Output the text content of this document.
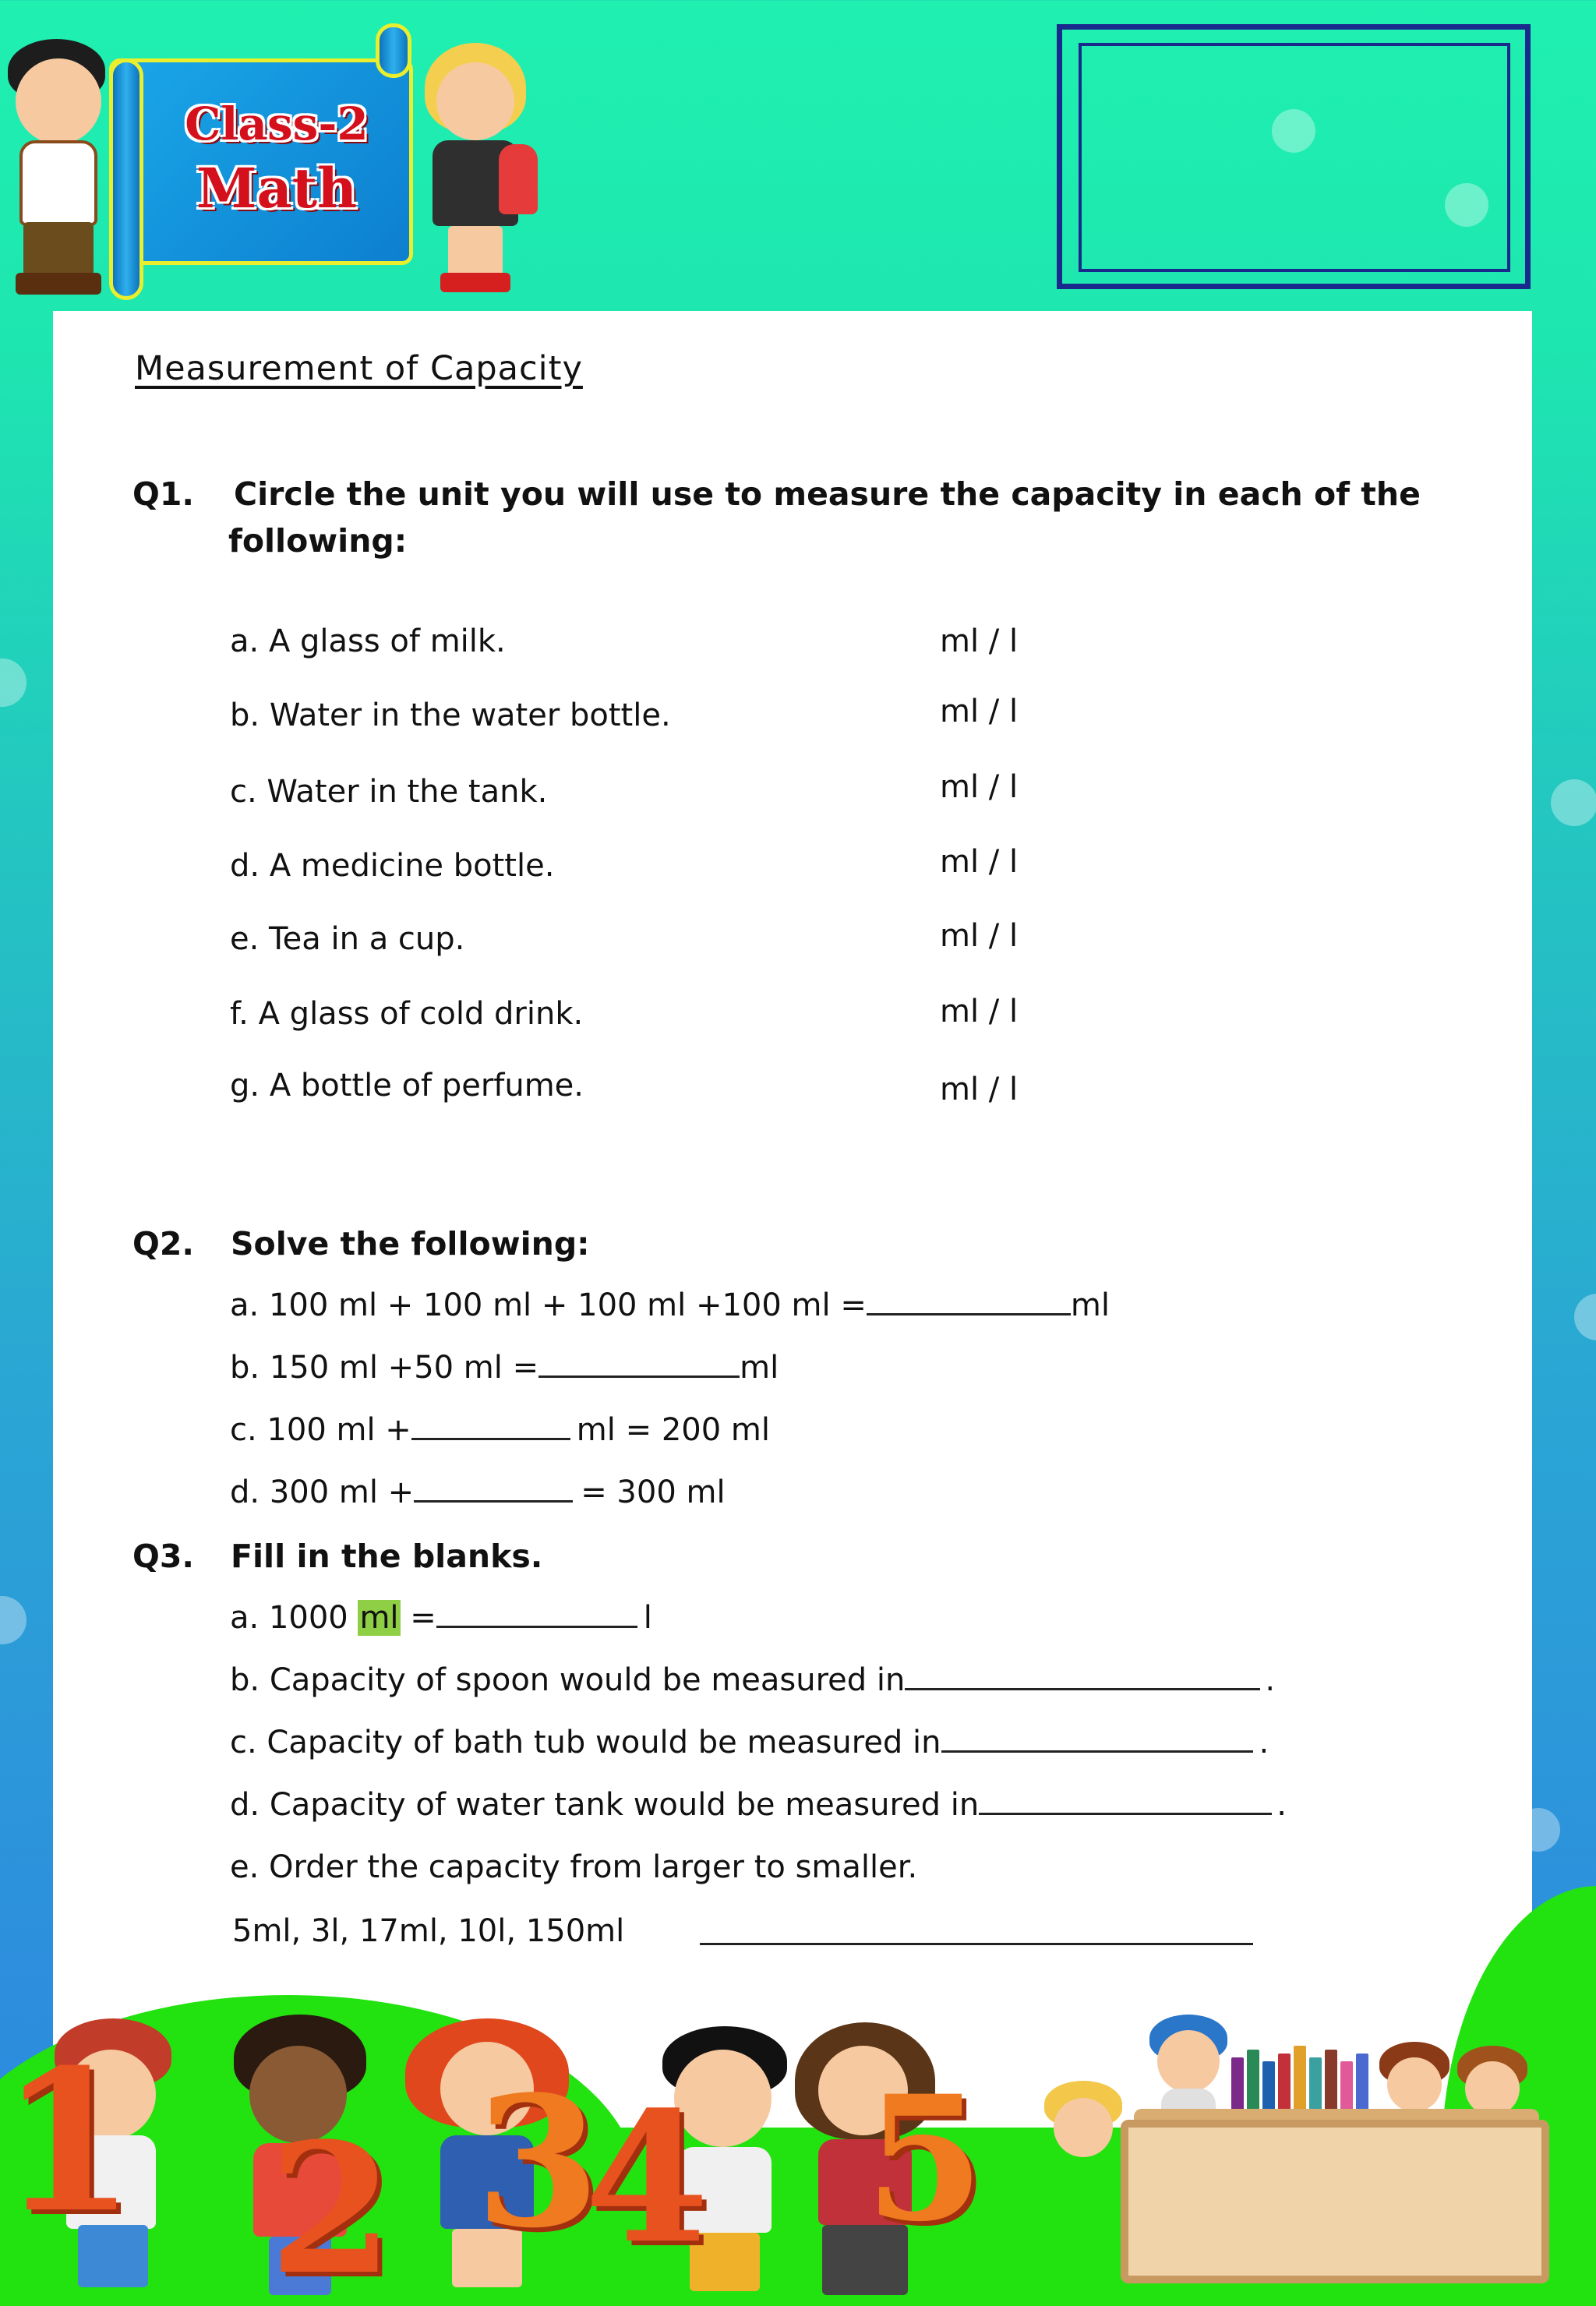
Class-2
Math
Measurement of Capacity
Q1. Circle the unit you will use to measure the capacity in each of the
following:
a. A glass of milk.	ml / l
b. Water in the water bottle.	ml / l
c. Water in the tank.	ml / l
d. A medicine bottle.	ml / l
e. Tea in a cup.	ml / l
f. A glass of cold drink.	ml / l
g. A bottle of perfume.	ml / l
Q2. Solve the following:
a. 100 ml + 100 ml + 100 ml +100 ml =	ml
b. 150 ml +50 ml =	ml
c. 100 ml +	ml = 200 ml
d. 300 ml +	= 300 ml
Q3. Fill in the blanks.
a. 1000 ml =	l
b. Capacity of spoon would be measured in	.
c. Capacity of bath tub would be measured in	.
d. Capacity of water tank would be measured in	.
e. Order the capacity from larger to smaller.
5ml, 3l, 17ml, 10l, 150ml
1 2 3
4 5
